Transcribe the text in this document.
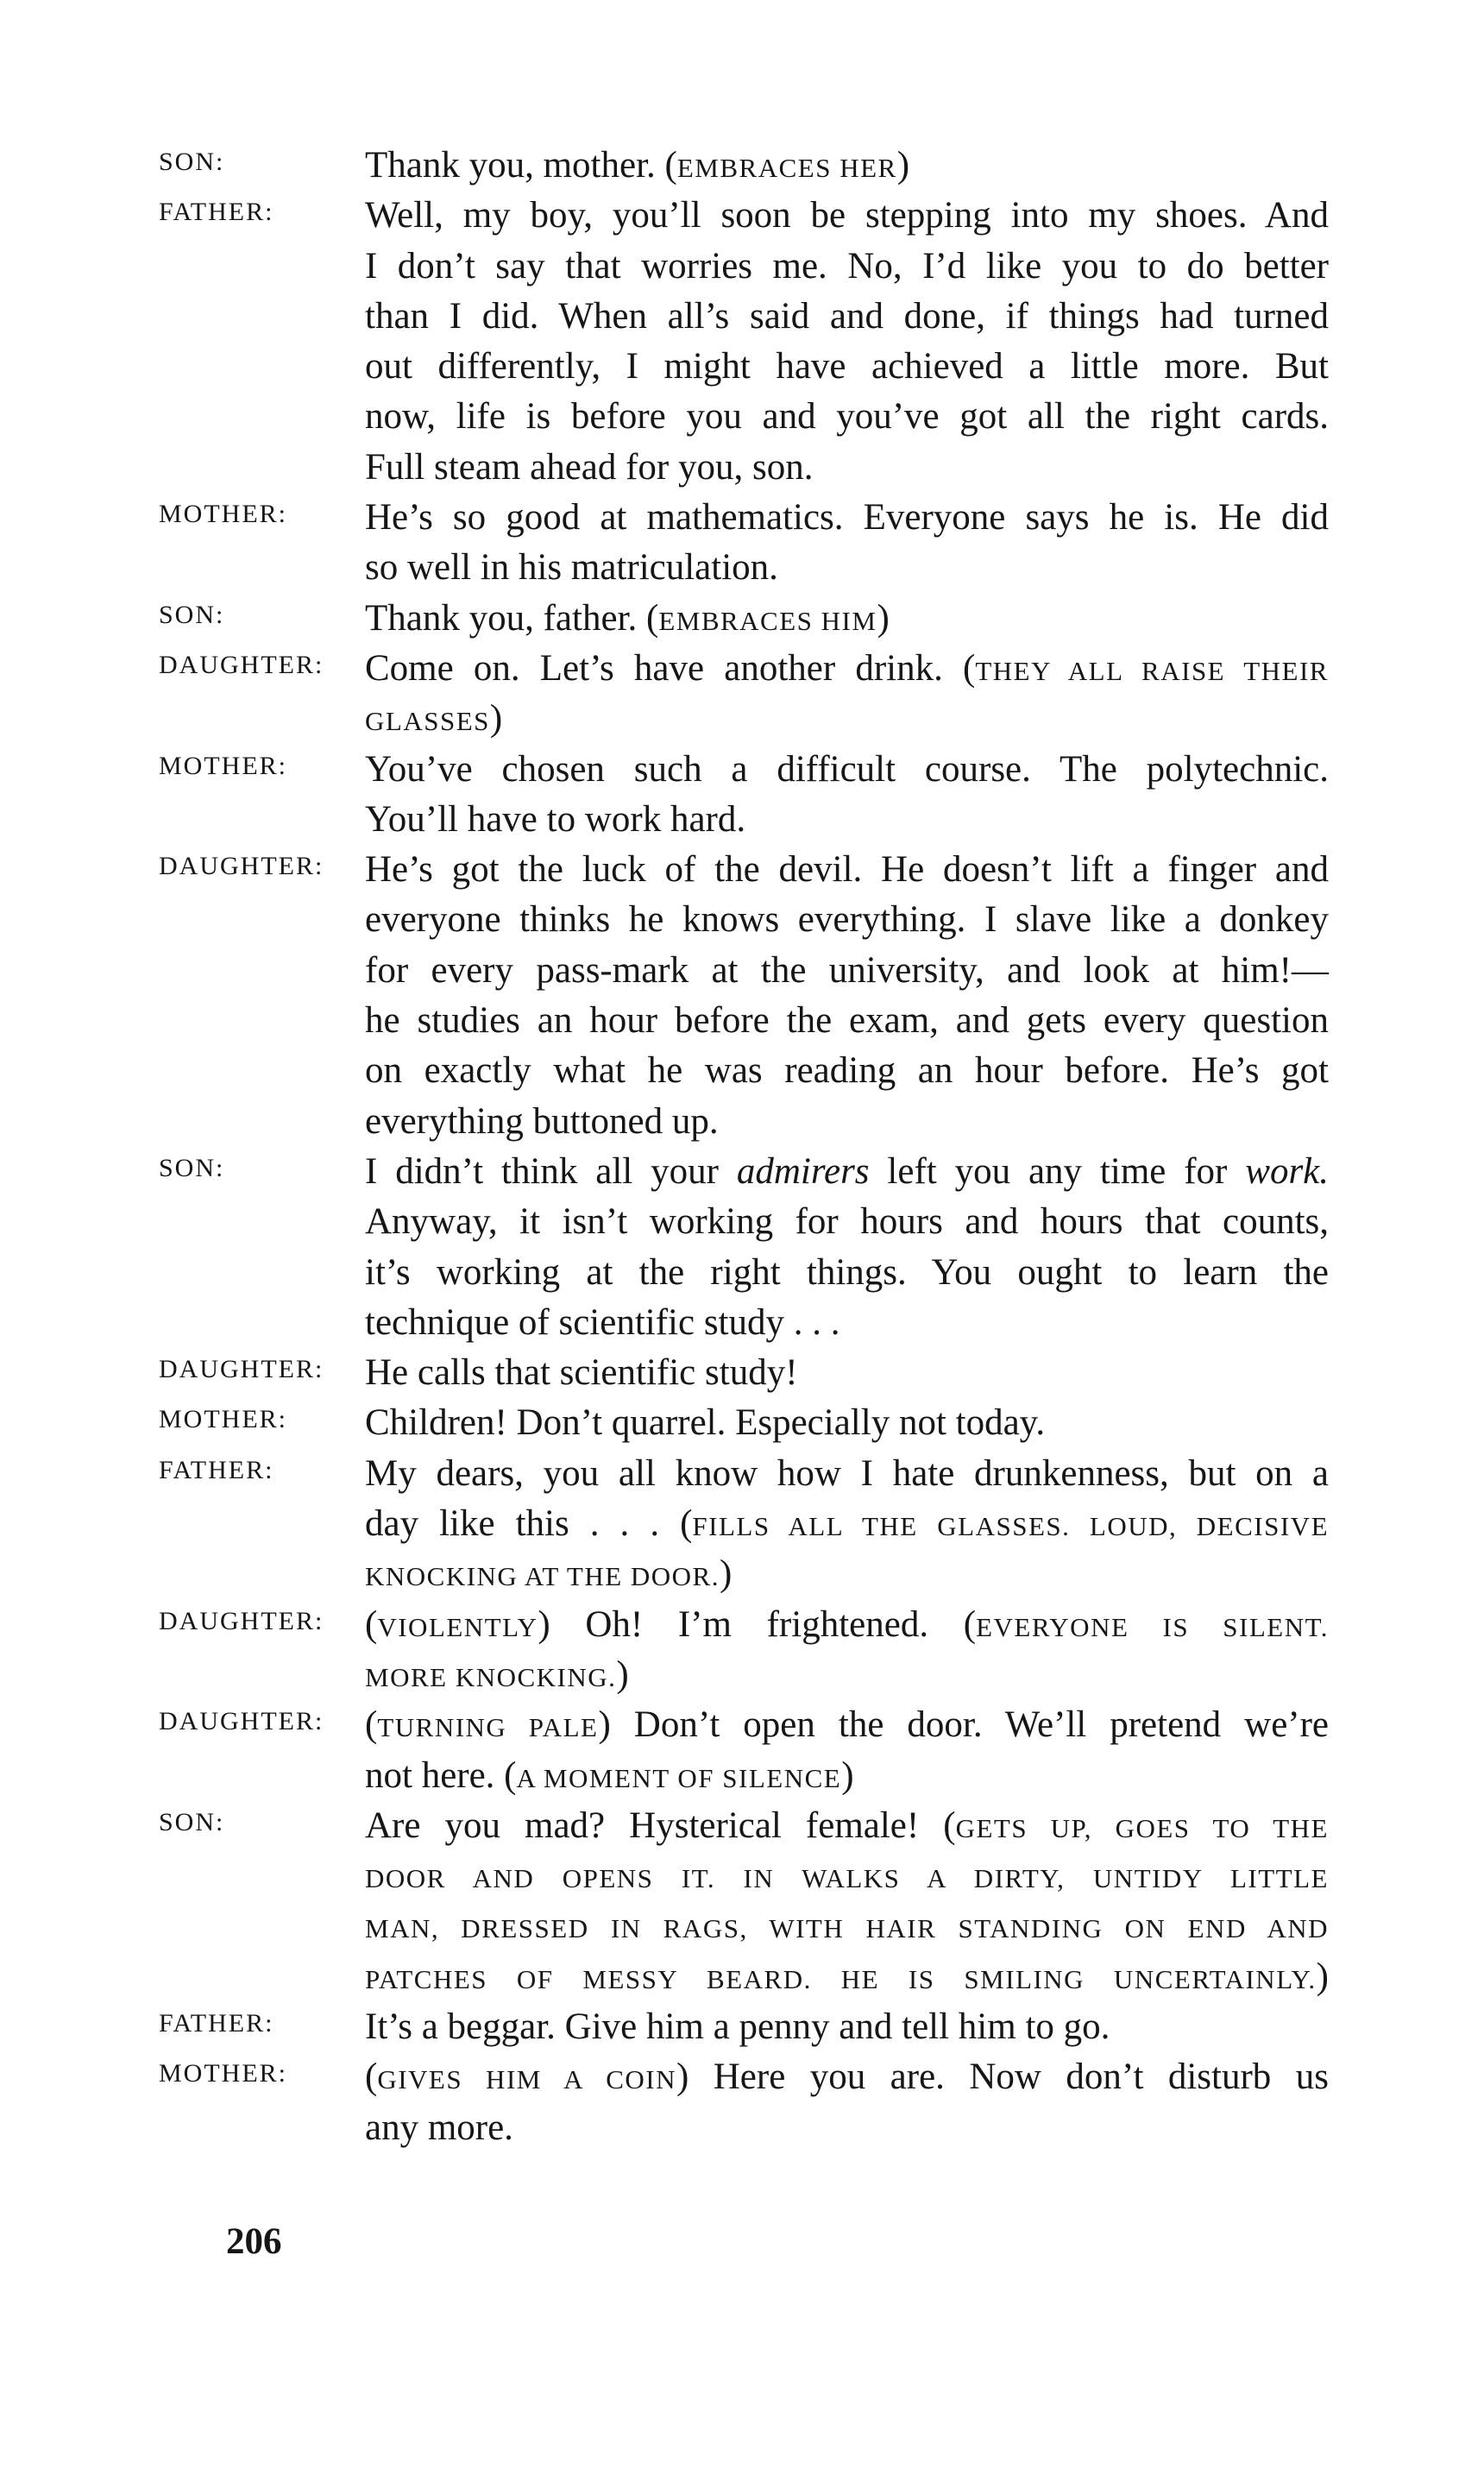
SON:	Thank you, mother. (EMBRACES HER)
FATHER: Well, my boy, you’ll soon be stepping into my shoes. And
I don’t say that worries me. No, I’d like you to do better
than I did. When all’s said and done, if things had turned
out differently, I might have achieved a little more. But
now, life is before you and you’ve got all the right cards.
Full steam ahead for you, son.
MOTHER: He’s so good at mathematics. Everyone says he is. He did
so well in his matriculation.
SON:	Thank you, father. (EMBRACES HIM)
DAUGHTER: Come on. Let’s have another drink. (THEY ALL RAISE THEIR
GLASSES)
MOTHER: You’ve chosen such a difficult course. The polytechnic.
You’ll have to work hard.
DAUGHTER: He’s got the luck of the devil. He doesn’t lift a finger and
everyone thinks he knows everything. I slave like a donkey
for every pass-mark at the university, and look at him!—
he studies an hour before the exam, and gets every question
on exactly what he was reading an hour before. He’s got
everything buttoned up.
SON:	I didn’t think all your admirers left you any time for work.
Anyway, it isn’t working for hours and hours that counts,
it’s working at the right things. You ought to learn the
technique of scientific study . . .
DAUGHTER: He calls that scientific study!
MOTHER: Children! Don’t quarrel. Especially not today.
FATHER: My dears, you all know how I hate drunkenness, but on a
day like this . . . (FILLS ALL THE GLASSES. LOUD, DECISIVE
KNOCKING AT THE DOOR.)
DAUGHTER: (VIOLENTLY) Oh! I’m frightened. (EVERYONE IS SILENT.
MORE KNOCKING.)
DAUGHTER: (TURNING PALE) Don’t open the door. We’ll pretend we’re
not here. (A MOMENT OF SILENCE)
SON:	Are you mad? Hysterical female! (GETS UP, GOES TO THE
DOOR AND OPENS IT. IN WALKS A DIRTY, UNTIDY LITTLE
MAN, DRESSED IN RAGS, WITH HAIR STANDING ON END AND
PATCHES OF MESSY BEARD. HE IS SMILING UNCERTAINLY.)
FATHER: It’s a beggar. Give him a penny and tell him to go.
MOTHER: (GIVES HIM A COIN) Here you are. Now don’t disturb us
any more.
206
